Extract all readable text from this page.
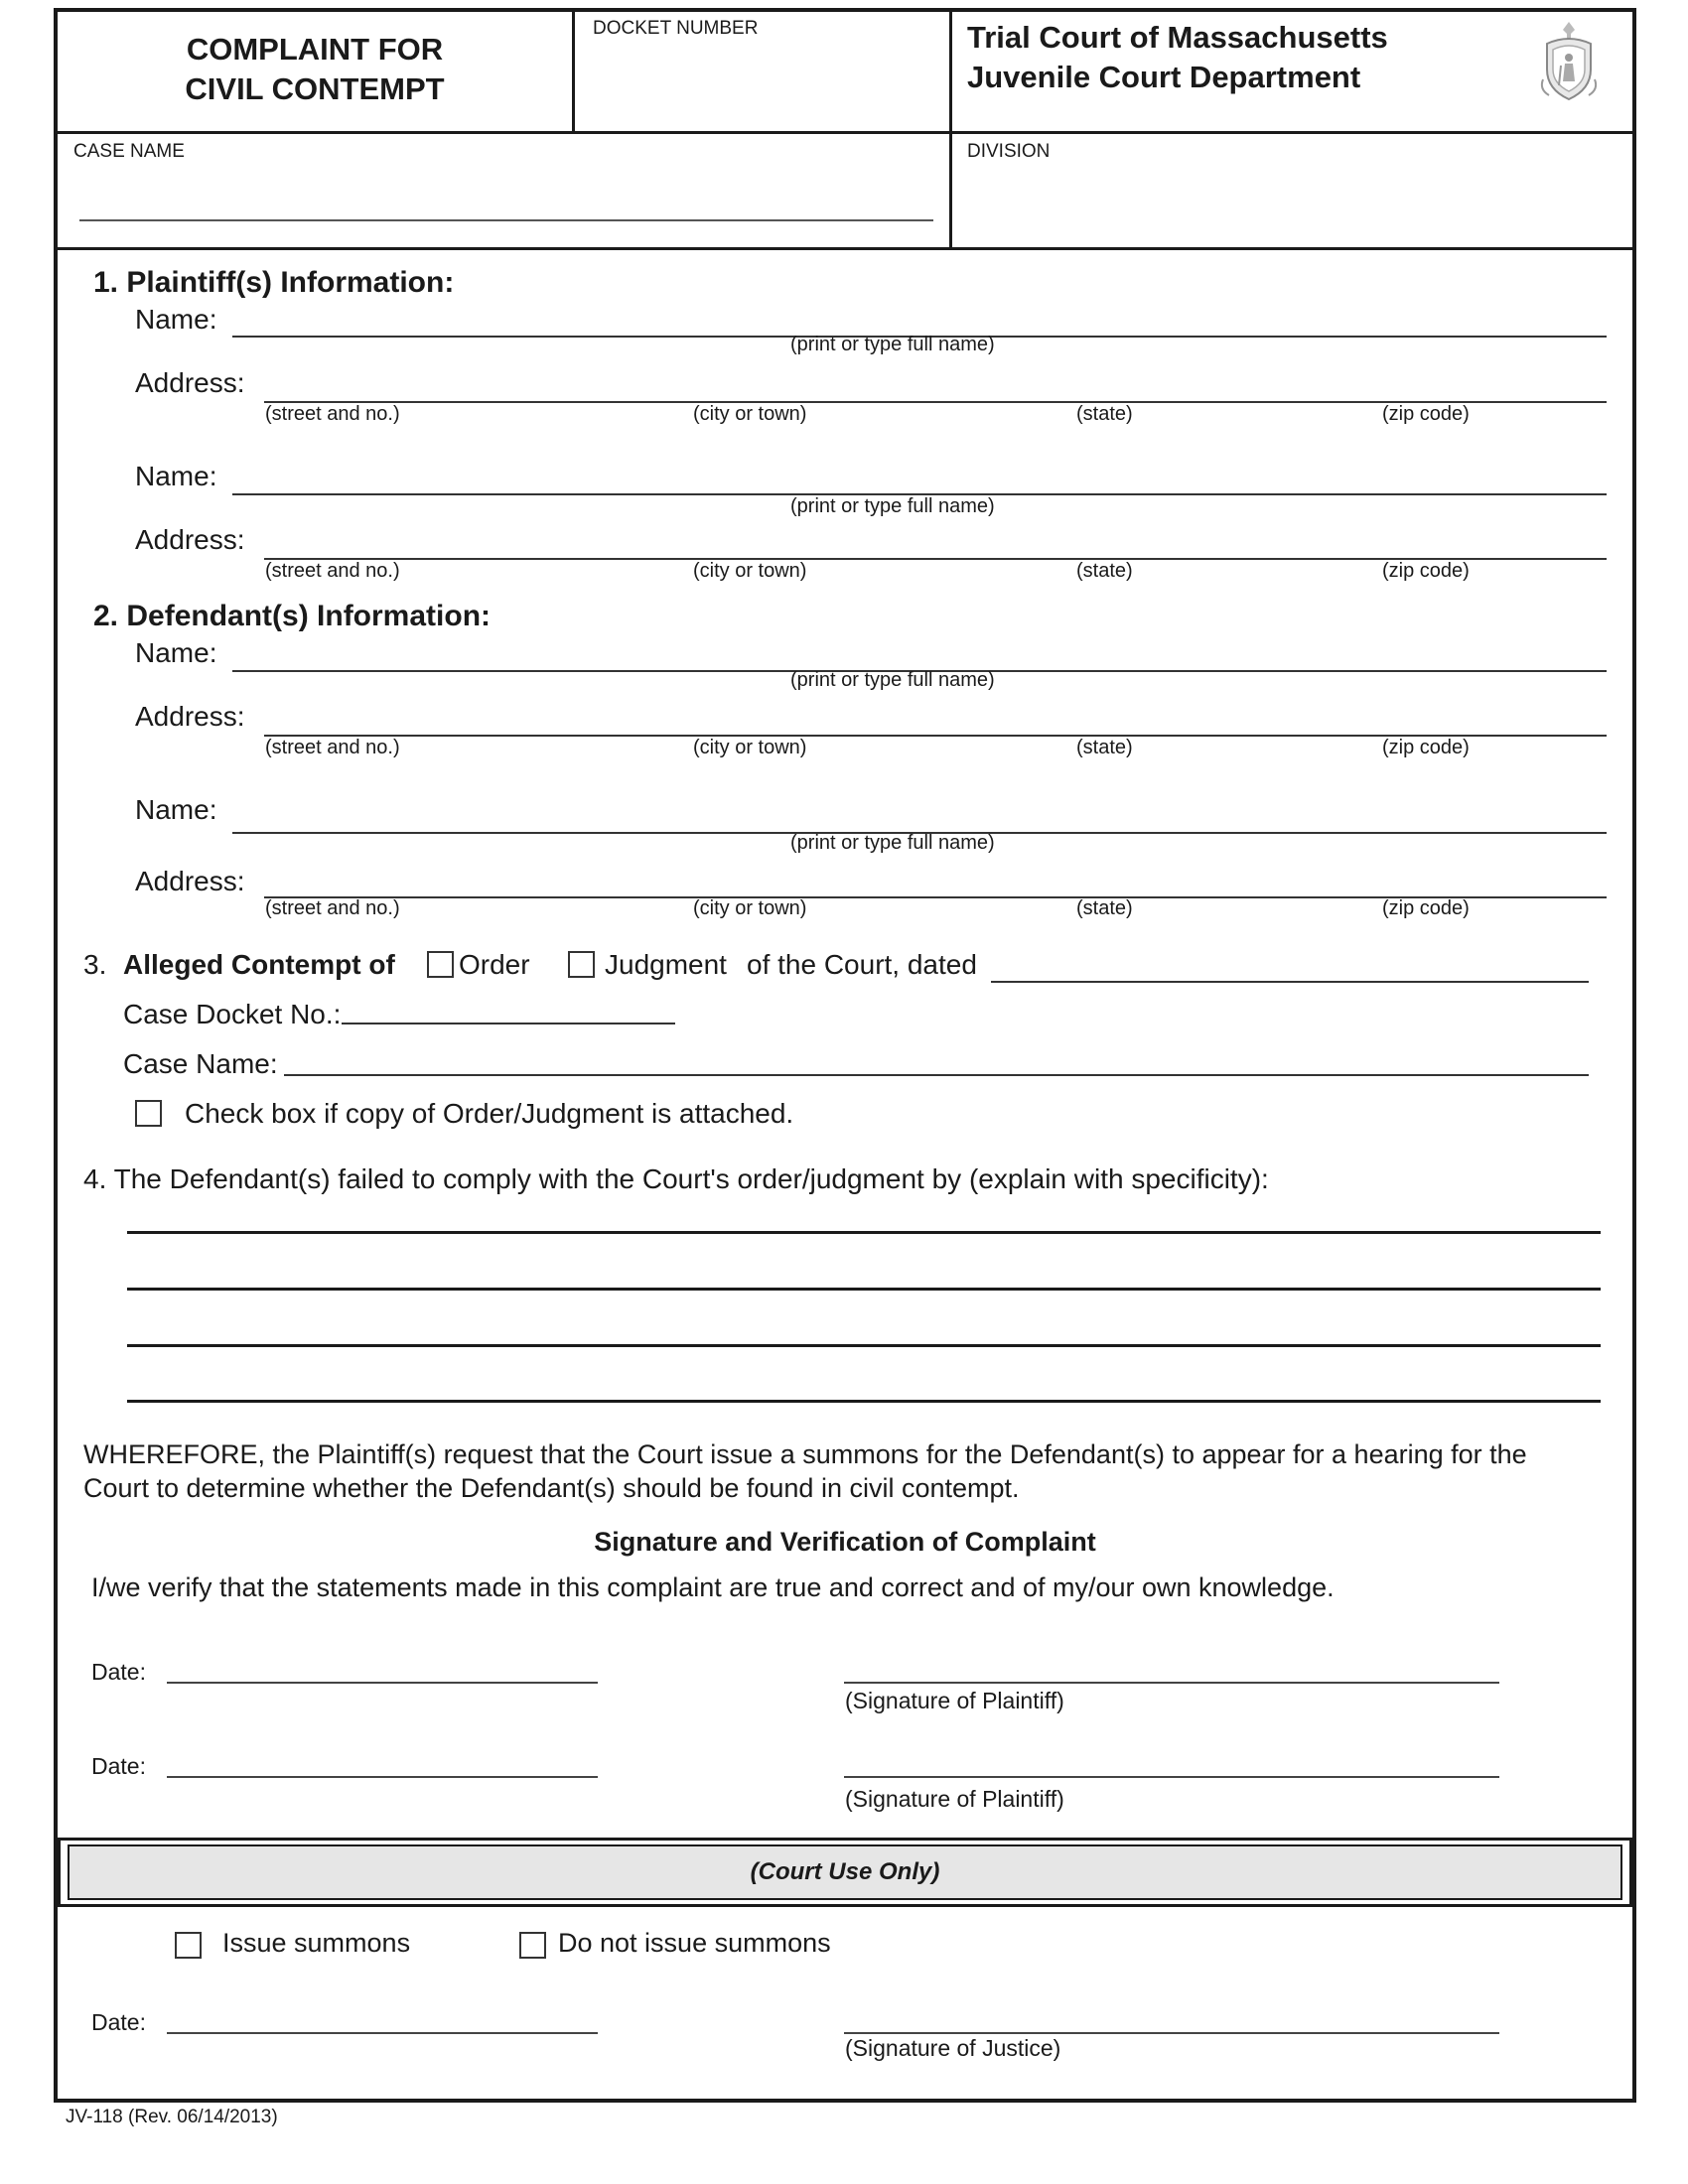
COMPLAINT FOR
CIVIL CONTEMPT
DOCKET NUMBER	Trial Court of Massachusetts
Juvenile Court Department
CASE NAME	DIVISION
1. Plaintiff(s) Information:
Name:
(print or type full name)
Address:
(street and no.)	(city or town)	(state)	(zip code)
Name:
(print or type full name)
Address:
(street and no.)	(city or town)	(state)	(zip code)
2. Defendant(s) Information:
Name:
(print or type full name)
Address:
(street and no.)	(city or town)	(state)	(zip code)
Name:
(print or type full name)
Address:
(street and no.)	(city or town)	(state)	(zip code)
3. Alleged Contempt of Order	Judgment of the Court, dated
Case Docket No.:
Case Name:
Check box if copy of Order/Judgment is attached.
4. The Defendant(s) failed to comply with the Court's order/judgment by (explain with specificity):
WHEREFORE, the Plaintiff(s) request that the Court issue a summons for the Defendant(s) to appear for a hearing for the
Court to determine whether the Defendant(s) should be found in civil contempt.
Signature and Verification of Complaint
I/we verify that the statements made in this complaint are true and correct and of my/our own knowledge.
Date:
(Signature of Plaintiff)
Date:
(Signature of Plaintiff)
(Court Use Only)
Issue summons	Do not issue summons
Date:
(Signature of Justice)
JV-118 (Rev. 06/14/2013)
